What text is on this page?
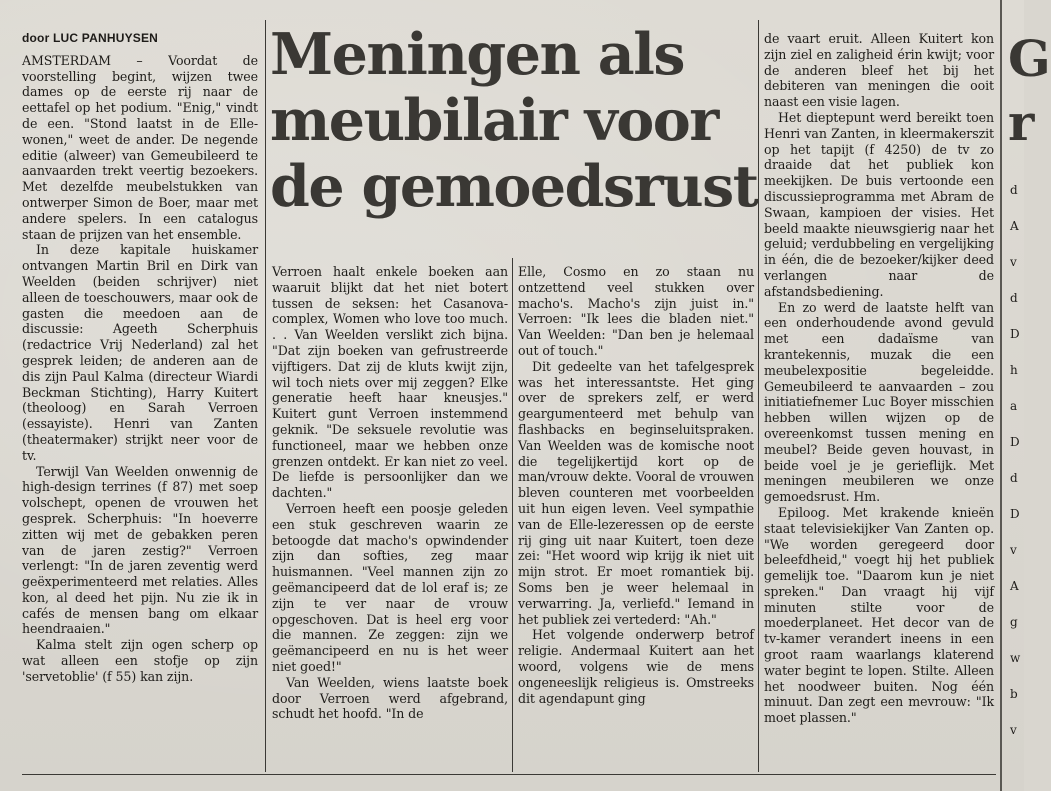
door LUC PANHUYSEN

AMSTERDAM – Voordat de voorstelling begint, wijzen twee dames op de eerste rij naar de eettafel op het podium. "Enig," vindt de een. "Stond laatst in de Elle-wonen," weet de ander. De negende editie (alweer) van Gemeubileerd te aanvaarden trekt veertig bezoekers. Met dezelfde meubelstukken van ontwerper Simon de Boer, maar met andere spelers. In een catalogus staan de prijzen van het ensemble.

In deze kapitale huiskamer ontvangen Martin Bril en Dirk van Weelden (beiden schrijver) niet alleen de toeschouwers, maar ook de gasten die meedoen aan de discussie: Ageeth Scherphuis (redactrice Vrij Nederland) zal het gesprek leiden; de anderen aan de dis zijn Paul Kalma (directeur Wiardi Beckman Stichting), Harry Kuitert (theoloog) en Sarah Verroen (essayiste). Henri van Zanten (theatermaker) strijkt neer voor de tv.

Terwijl Van Weelden onwennig de high-design terrines (f 87) met soep volschept, openen de vrouwen het gesprek. Scherphuis: "In hoeverre zitten wij met de gebakken peren van de jaren zestig?" Verroen verlengt: "In de jaren zeventig werd geëxperimenteerd met relaties. Alles kon, al deed het pijn. Nu zie ik in cafés de mensen bang om elkaar heendraaien."

Kalma stelt zijn ogen scherp op wat alleen een stofje op zijn 'servetoblie' (f 55) kan zijn.

Meningen als meubilair voor de gemoedsrust

Verroen haalt enkele boeken aan waaruit blijkt dat het niet botert tussen de seksen: het Casanova-complex, Women who love too much. . . Van Weelden verslikt zich bijna. "Dat zijn boeken van gefrustreerde vijftigers. Dat zij de kluts kwijt zijn, wil toch niets over mij zeggen? Elke generatie heeft haar kneusjes." Kuitert gunt Verroen instemmend geknik. "De seksuele revolutie was functioneel, maar we hebben onze grenzen ontdekt. Er kan niet zo veel. De liefde is persoonlijker dan we dachten."

Verroen heeft een poosje geleden een stuk geschreven waarin ze betoogde dat macho's opwindender zijn dan softies, zeg maar huismannen. "Veel mannen zijn zo geëmancipeerd dat de lol eraf is; ze zijn te ver naar de vrouw opgeschoven. Dat is heel erg voor die mannen. Ze zeggen: zijn we geëmancipeerd en nu is het weer niet goed!"

Van Weelden, wiens laatste boek door Verroen werd afgebrand, schudt het hoofd. "In de

Elle, Cosmo en zo staan nu ontzettend veel stukken over macho's. Macho's zijn juist in." Verroen: "Ik lees die bladen niet." Van Weelden: "Dan ben je helemaal out of touch."

Dit gedeelte van het tafelgesprek was het interessantste. Het ging over de sprekers zelf, er werd geargumenteerd met behulp van flashbacks en beginseluitspraken. Van Weelden was de komische noot die tegelijkertijd kort op de man/vrouw dekte. Vooral de vrouwen bleven counteren met voorbeelden uit hun eigen leven. Veel sympathie van de Elle-lezeressen op de eerste rij ging uit naar Kuitert, toen deze zei: "Het woord wip krijg ik niet uit mijn strot. Er moet romantiek bij. Soms ben je weer helemaal in verwarring. Ja, verliefd." Iemand in het publiek zei vertederd: "Ah."

Het volgende onderwerp betrof religie. Andermaal Kuitert aan het woord, volgens wie de mens ongeneeslijk religieus is. Omstreeks dit agendapunt ging

de vaart eruit. Alleen Kuitert kon zijn ziel en zaligheid érin kwijt; voor de anderen bleef het bij het debiteren van meningen die ooit naast een visie lagen.

Het dieptepunt werd bereikt toen Henri van Zanten, in kleermakerszit op het tapijt (f 4250) de tv zo draaide dat het publiek kon meekijken. De buis vertoonde een discussieprogramma met Abram de Swaan, kampioen der visies. Het beeld maakte nieuwsgierig naar het geluid; verdubbeling en vergelijking in één, die de bezoeker/kijker deed verlangen naar de afstandsbediening.

En zo werd de laatste helft van een onderhoudende avond gevuld met een dadaïsme van krantekennis, muzak die een meubelexpositie begeleidde. Gemeubileerd te aanvaarden – zou initiatiefnemer Luc Boyer misschien hebben willen wijzen op de overeenkomst tussen mening en meubel? Beide geven houvast, in beide voel je je gerieflijk. Met meningen meubileren we onze gemoedsrust. Hm.

Epiloog. Met krakende knieën staat televisiekijker Van Zanten op. "We worden geregeerd door beleefdheid," voegt hij het publiek gemelijk toe. "Daarom kun je niet spreken." Dan vraagt hij vijf minuten stilte voor de moederplaneet. Het decor van de tv-kamer verandert ineens in een groot raam waarlangs klaterend water begint te lopen. Stilte. Alleen het noodweer buiten. Nog één minuut. Dan zegt een mevrouw: "Ik moet plassen."

G
r
d
A
v
d
D
h
a
D
d
D
v
A
g
w
b
v
